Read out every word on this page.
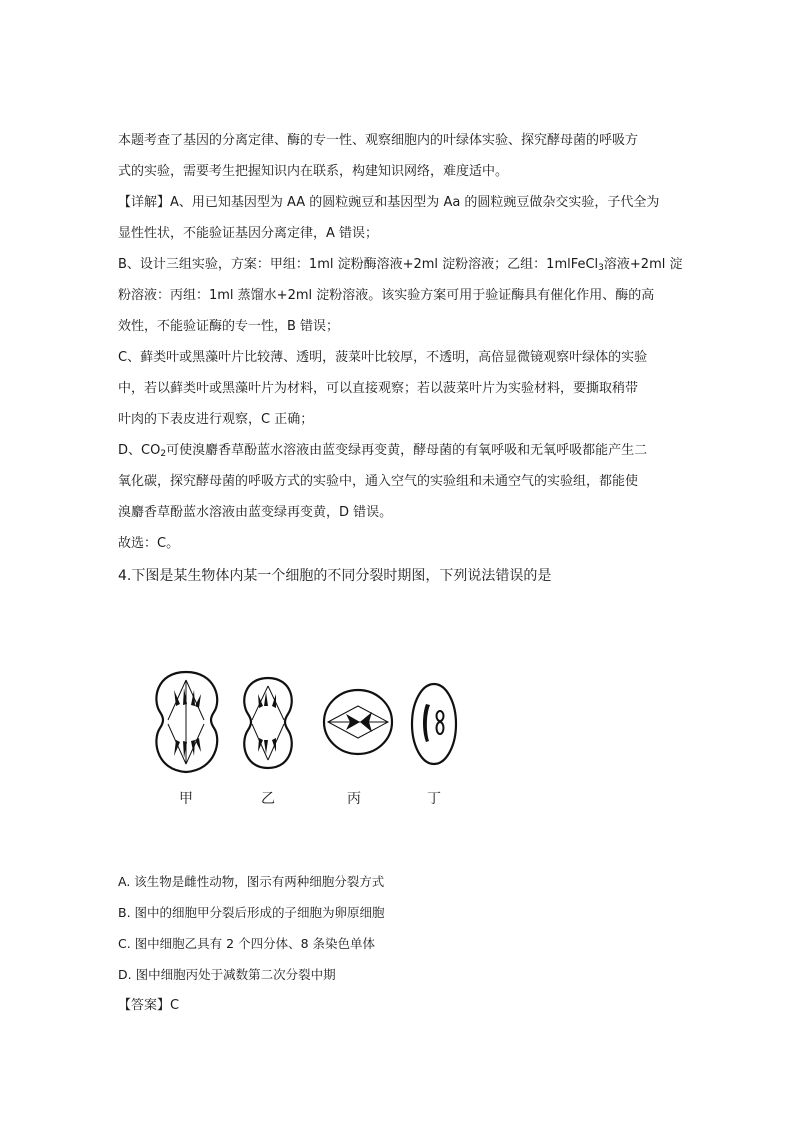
本题考查了基因的分离定律、酶的专一性、观察细胞内的叶绿体实验、探究酵母菌的呼吸方
式的实验，需要考生把握知识内在联系，构建知识网络，难度适中。
【详解】A、用已知基因型为 AA 的圆粒豌豆和基因型为 Aa 的圆粒豌豆做杂交实验，子代全为
显性性状，不能验证基因分离定律，A 错误；
B、设计三组实验，方案：甲组：1ml 淀粉酶溶液+2ml 淀粉溶液；乙组：1mlFeCl$_3$溶液+2ml 淀
粉溶液：丙组：1ml 蒸馏水+2ml 淀粉溶液。该实验方案可用于验证酶具有催化作用、酶的高
效性，不能验证酶的专一性，B 错误；
C、藓类叶或黑藻叶片比较薄、透明，菠菜叶比较厚，不透明，高倍显微镜观察叶绿体的实验
中，若以藓类叶或黑藻叶片为材料，可以直接观察；若以菠菜叶片为实验材料，要撕取稍带
叶肉的下表皮进行观察，C 正确；
D、$CO_2$可使溴麝香草酚蓝水溶液由蓝变绿再变黄，酵母菌的有氧呼吸和无氧呼吸都能产生二
氧化碳，探究酵母菌的呼吸方式的实验中，通入空气的实验组和未通空气的实验组，都能使
溴麝香草酚蓝水溶液由蓝变绿再变黄，D 错误。
故选：C。
4.下图是某生物体内某一个细胞的不同分裂时期图，下列说法错误的是
甲	乙	丙	丁
A. 该生物是雌性动物，图示有两种细胞分裂方式
B. 图中的细胞甲分裂后形成的子细胞为卵原细胞
C. 图中细胞乙具有 2 个四分体、8 条染色单体
D. 图中细胞丙处于减数第二次分裂中期
【答案】C
